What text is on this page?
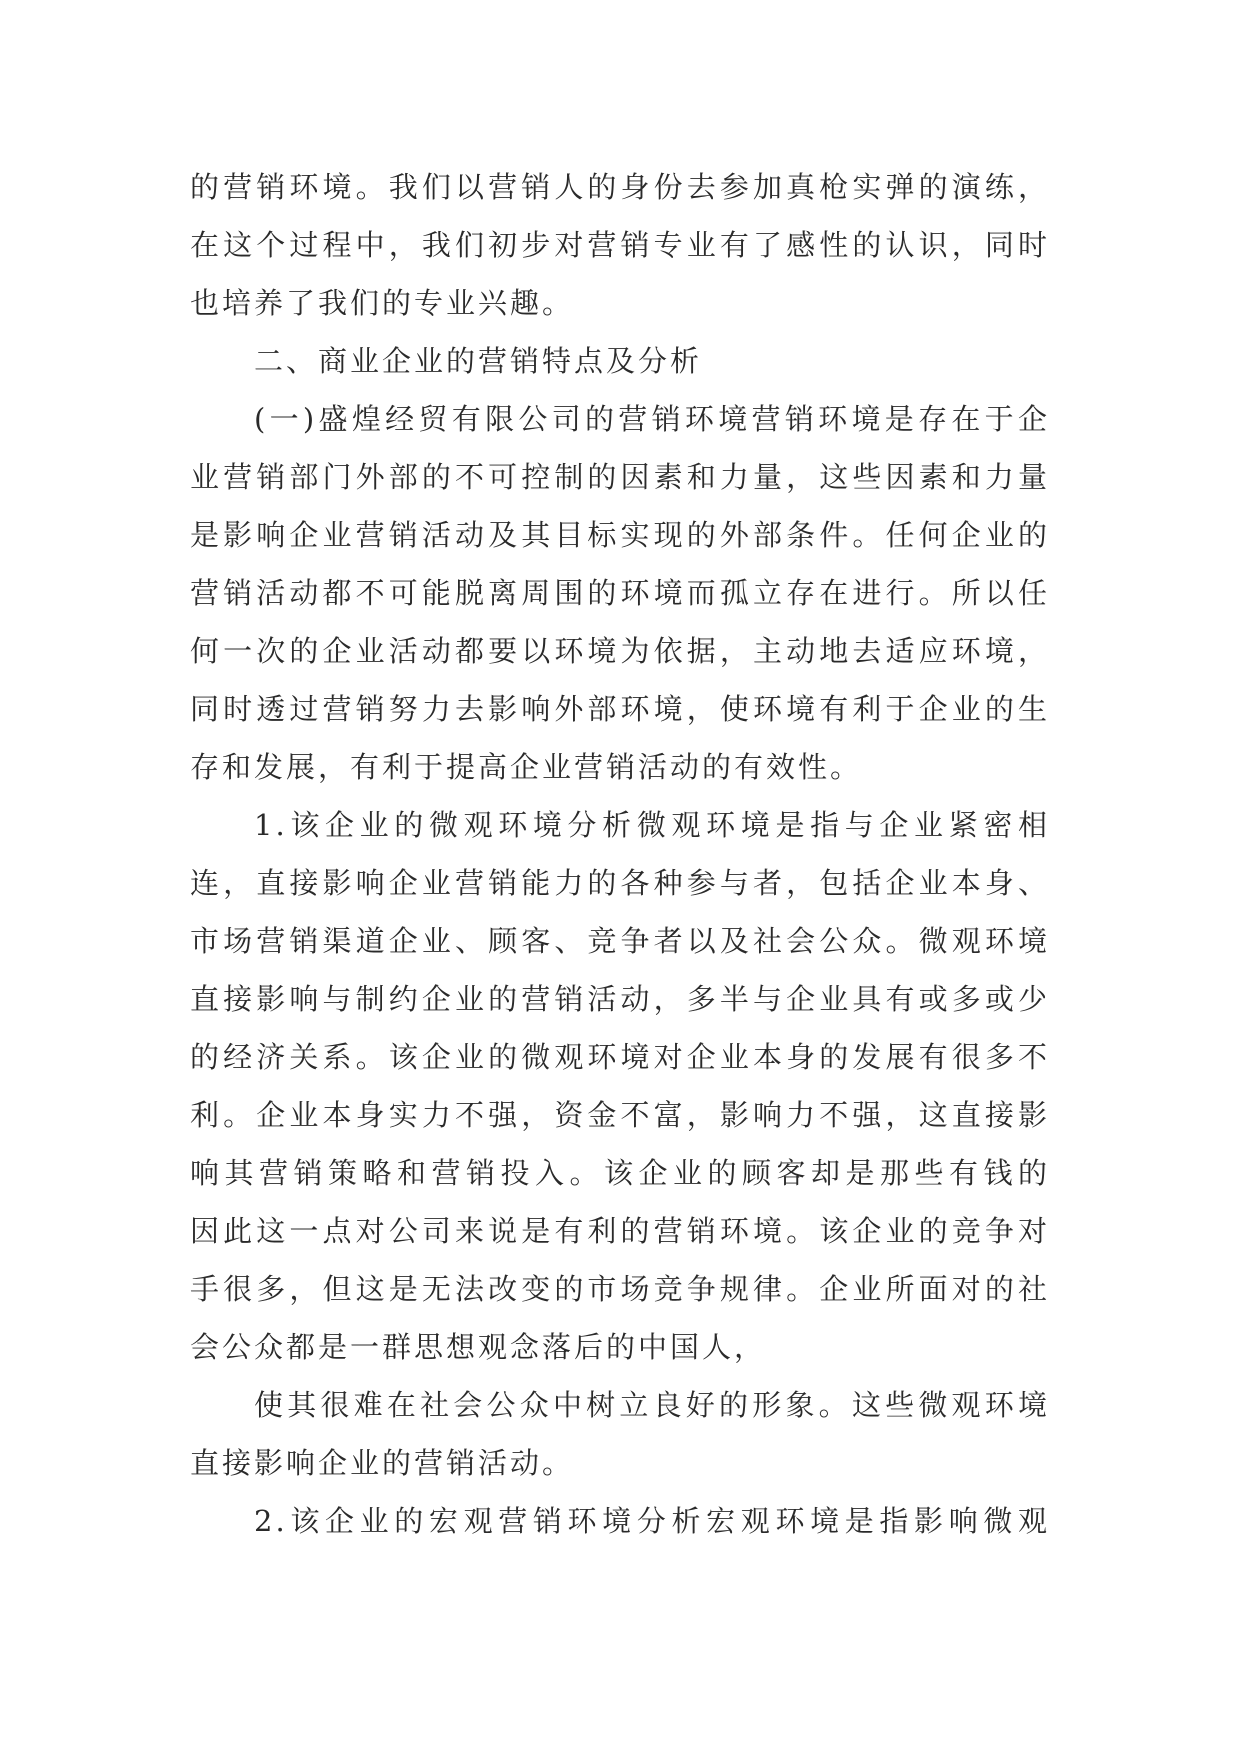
的营销环境。我们以营销人的身份去参加真枪实弹的演练，
在这个过程中，我们初步对营销专业有了感性的认识，同时
也培养了我们的专业兴趣。
二、商业企业的营销特点及分析
(一)盛煌经贸有限公司的营销环境营销环境是存在于企
业营销部门外部的不可控制的因素和力量，这些因素和力量
是影响企业营销活动及其目标实现的外部条件。任何企业的
营销活动都不可能脱离周围的环境而孤立存在进行。所以任
何一次的企业活动都要以环境为依据，主动地去适应环境，
同时透过营销努力去影响外部环境，使环境有利于企业的生
存和发展，有利于提高企业营销活动的有效性。
1.该企业的微观环境分析微观环境是指与企业紧密相
连，直接影响企业营销能力的各种参与者，包括企业本身、
市场营销渠道企业、顾客、竞争者以及社会公众。微观环境
直接影响与制约企业的营销活动，多半与企业具有或多或少
的经济关系。该企业的微观环境对企业本身的发展有很多不
利。企业本身实力不强，资金不富，影响力不强，这直接影
响其营销策略和营销投入。该企业的顾客却是那些有钱的
因此这一点对公司来说是有利的营销环境。该企业的竞争对
手很多，但这是无法改变的市场竞争规律。企业所面对的社
会公众都是一群思想观念落后的中国人，
使其很难在社会公众中树立良好的形象。这些微观环境
直接影响企业的营销活动。
2.该企业的宏观营销环境分析宏观环境是指影响微观
